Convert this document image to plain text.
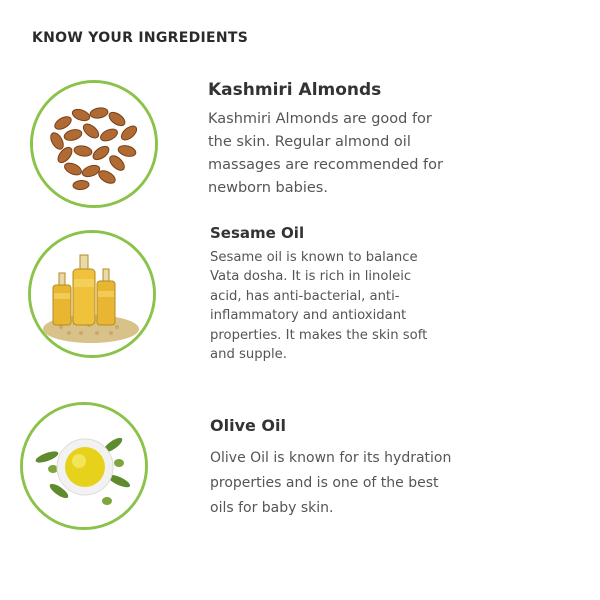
KNOW YOUR INGREDIENTS
Kashmiri Almonds
Kashmiri Almonds are good for
the skin. Regular almond oil
massages are recommended for
newborn babies.
Sesame Oil
Sesame oil is known to balance
Vata dosha. It is rich in linoleic
acid, has anti-bacterial, anti-
inflammatory and antioxidant
properties. It makes the skin soft
and supple.
Olive Oil
Olive Oil is known for its hydration
properties and is one of the best
oils for baby skin.
